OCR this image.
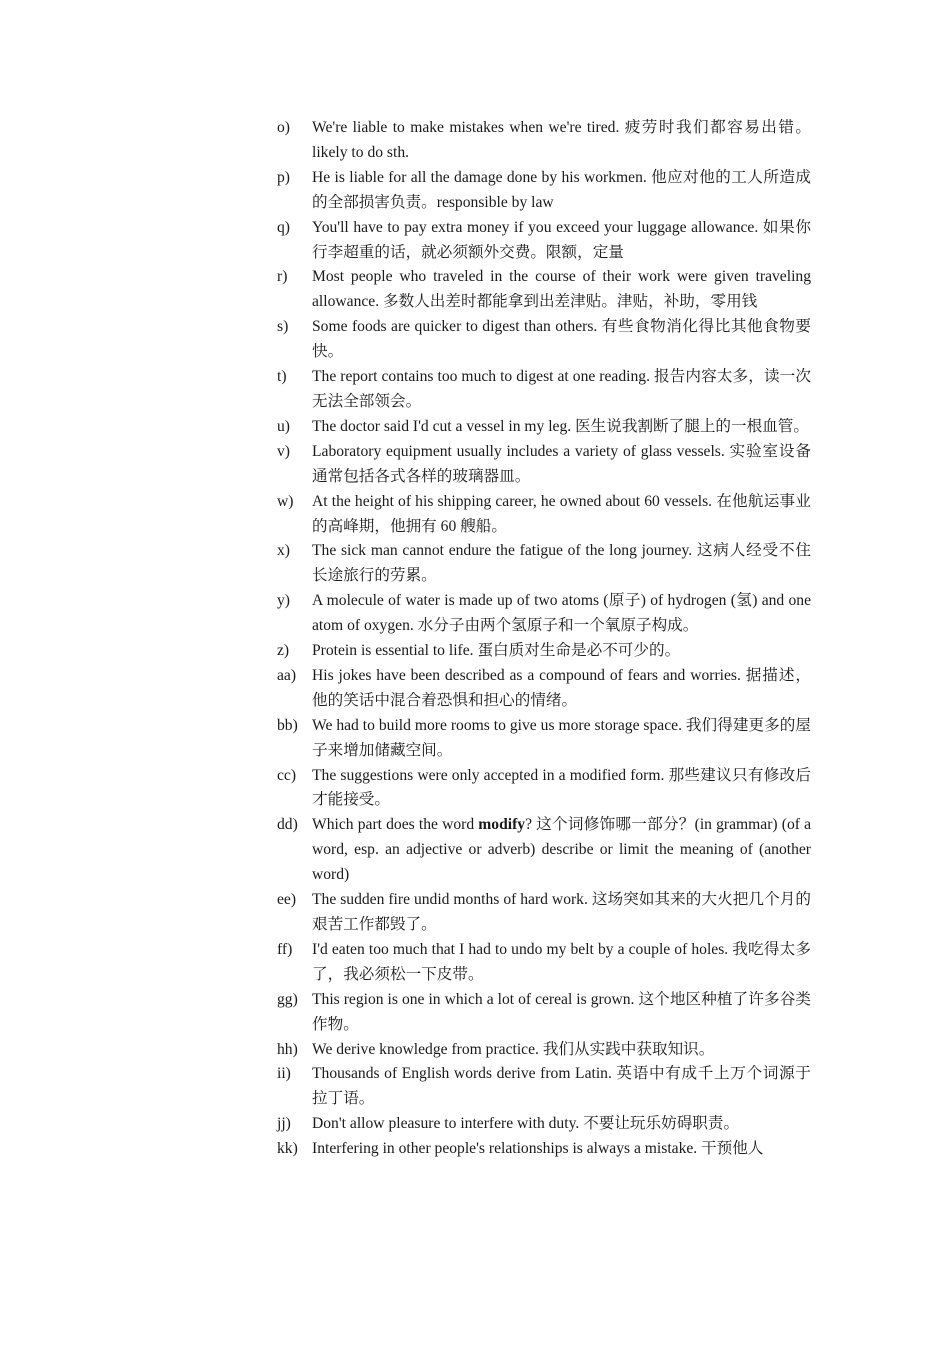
o) We're liable to make mistakes when we're tired. 疲劳时我们都容易出错。likely to do sth.
p) He is liable for all the damage done by his workmen. 他应对他的工人所造成的全部损害负责。responsible by law
q) You'll have to pay extra money if you exceed your luggage allowance. 如果你行李超重的话，就必须额外交费。限额，定量
r) Most people who traveled in the course of their work were given traveling allowance. 多数人出差时都能拿到出差津贴。津贴，补助，零用钱
s) Some foods are quicker to digest than others. 有些食物消化得比其他食物要快。
t) The report contains too much to digest at one reading. 报告内容太多，读一次无法全部领会。
u) The doctor said I'd cut a vessel in my leg. 医生说我割断了腿上的一根血管。
v) Laboratory equipment usually includes a variety of glass vessels. 实验室设备通常包括各式各样的玻璃器皿。
w) At the height of his shipping career, he owned about 60 vessels. 在他航运事业的高峰期，他拥有 60 艘船。
x) The sick man cannot endure the fatigue of the long journey. 这病人经受不住长途旅行的劳累。
y) A molecule of water is made up of two atoms (原子) of hydrogen (氢) and one atom of oxygen. 水分子由两个氢原子和一个氧原子构成。
z) Protein is essential to life. 蛋白质对生命是必不可少的。
aa) His jokes have been described as a compound of fears and worries. 据描述，他的笑话中混合着恐惧和担心的情绪。
bb) We had to build more rooms to give us more storage space. 我们得建更多的屋子来增加储藏空间。
cc) The suggestions were only accepted in a modified form. 那些建议只有修改后才能接受。
dd) Which part does the word modify? 这个词修饰哪一部分？(in grammar) (of a word, esp. an adjective or adverb) describe or limit the meaning of (another word)
ee) The sudden fire undid months of hard work. 这场突如其来的大火把几个月的艰苦工作都毁了。
ff) I'd eaten too much that I had to undo my belt by a couple of holes. 我吃得太多了，我必须松一下皮带。
gg) This region is one in which a lot of cereal is grown. 这个地区种植了许多谷类作物。
hh) We derive knowledge from practice. 我们从实践中获取知识。
ii) Thousands of English words derive from Latin. 英语中有成千上万个词源于拉丁语。
jj) Don't allow pleasure to interfere with duty. 不要让玩乐妨碍职责。
kk) Interfering in other people's relationships is always a mistake. 干预他人
